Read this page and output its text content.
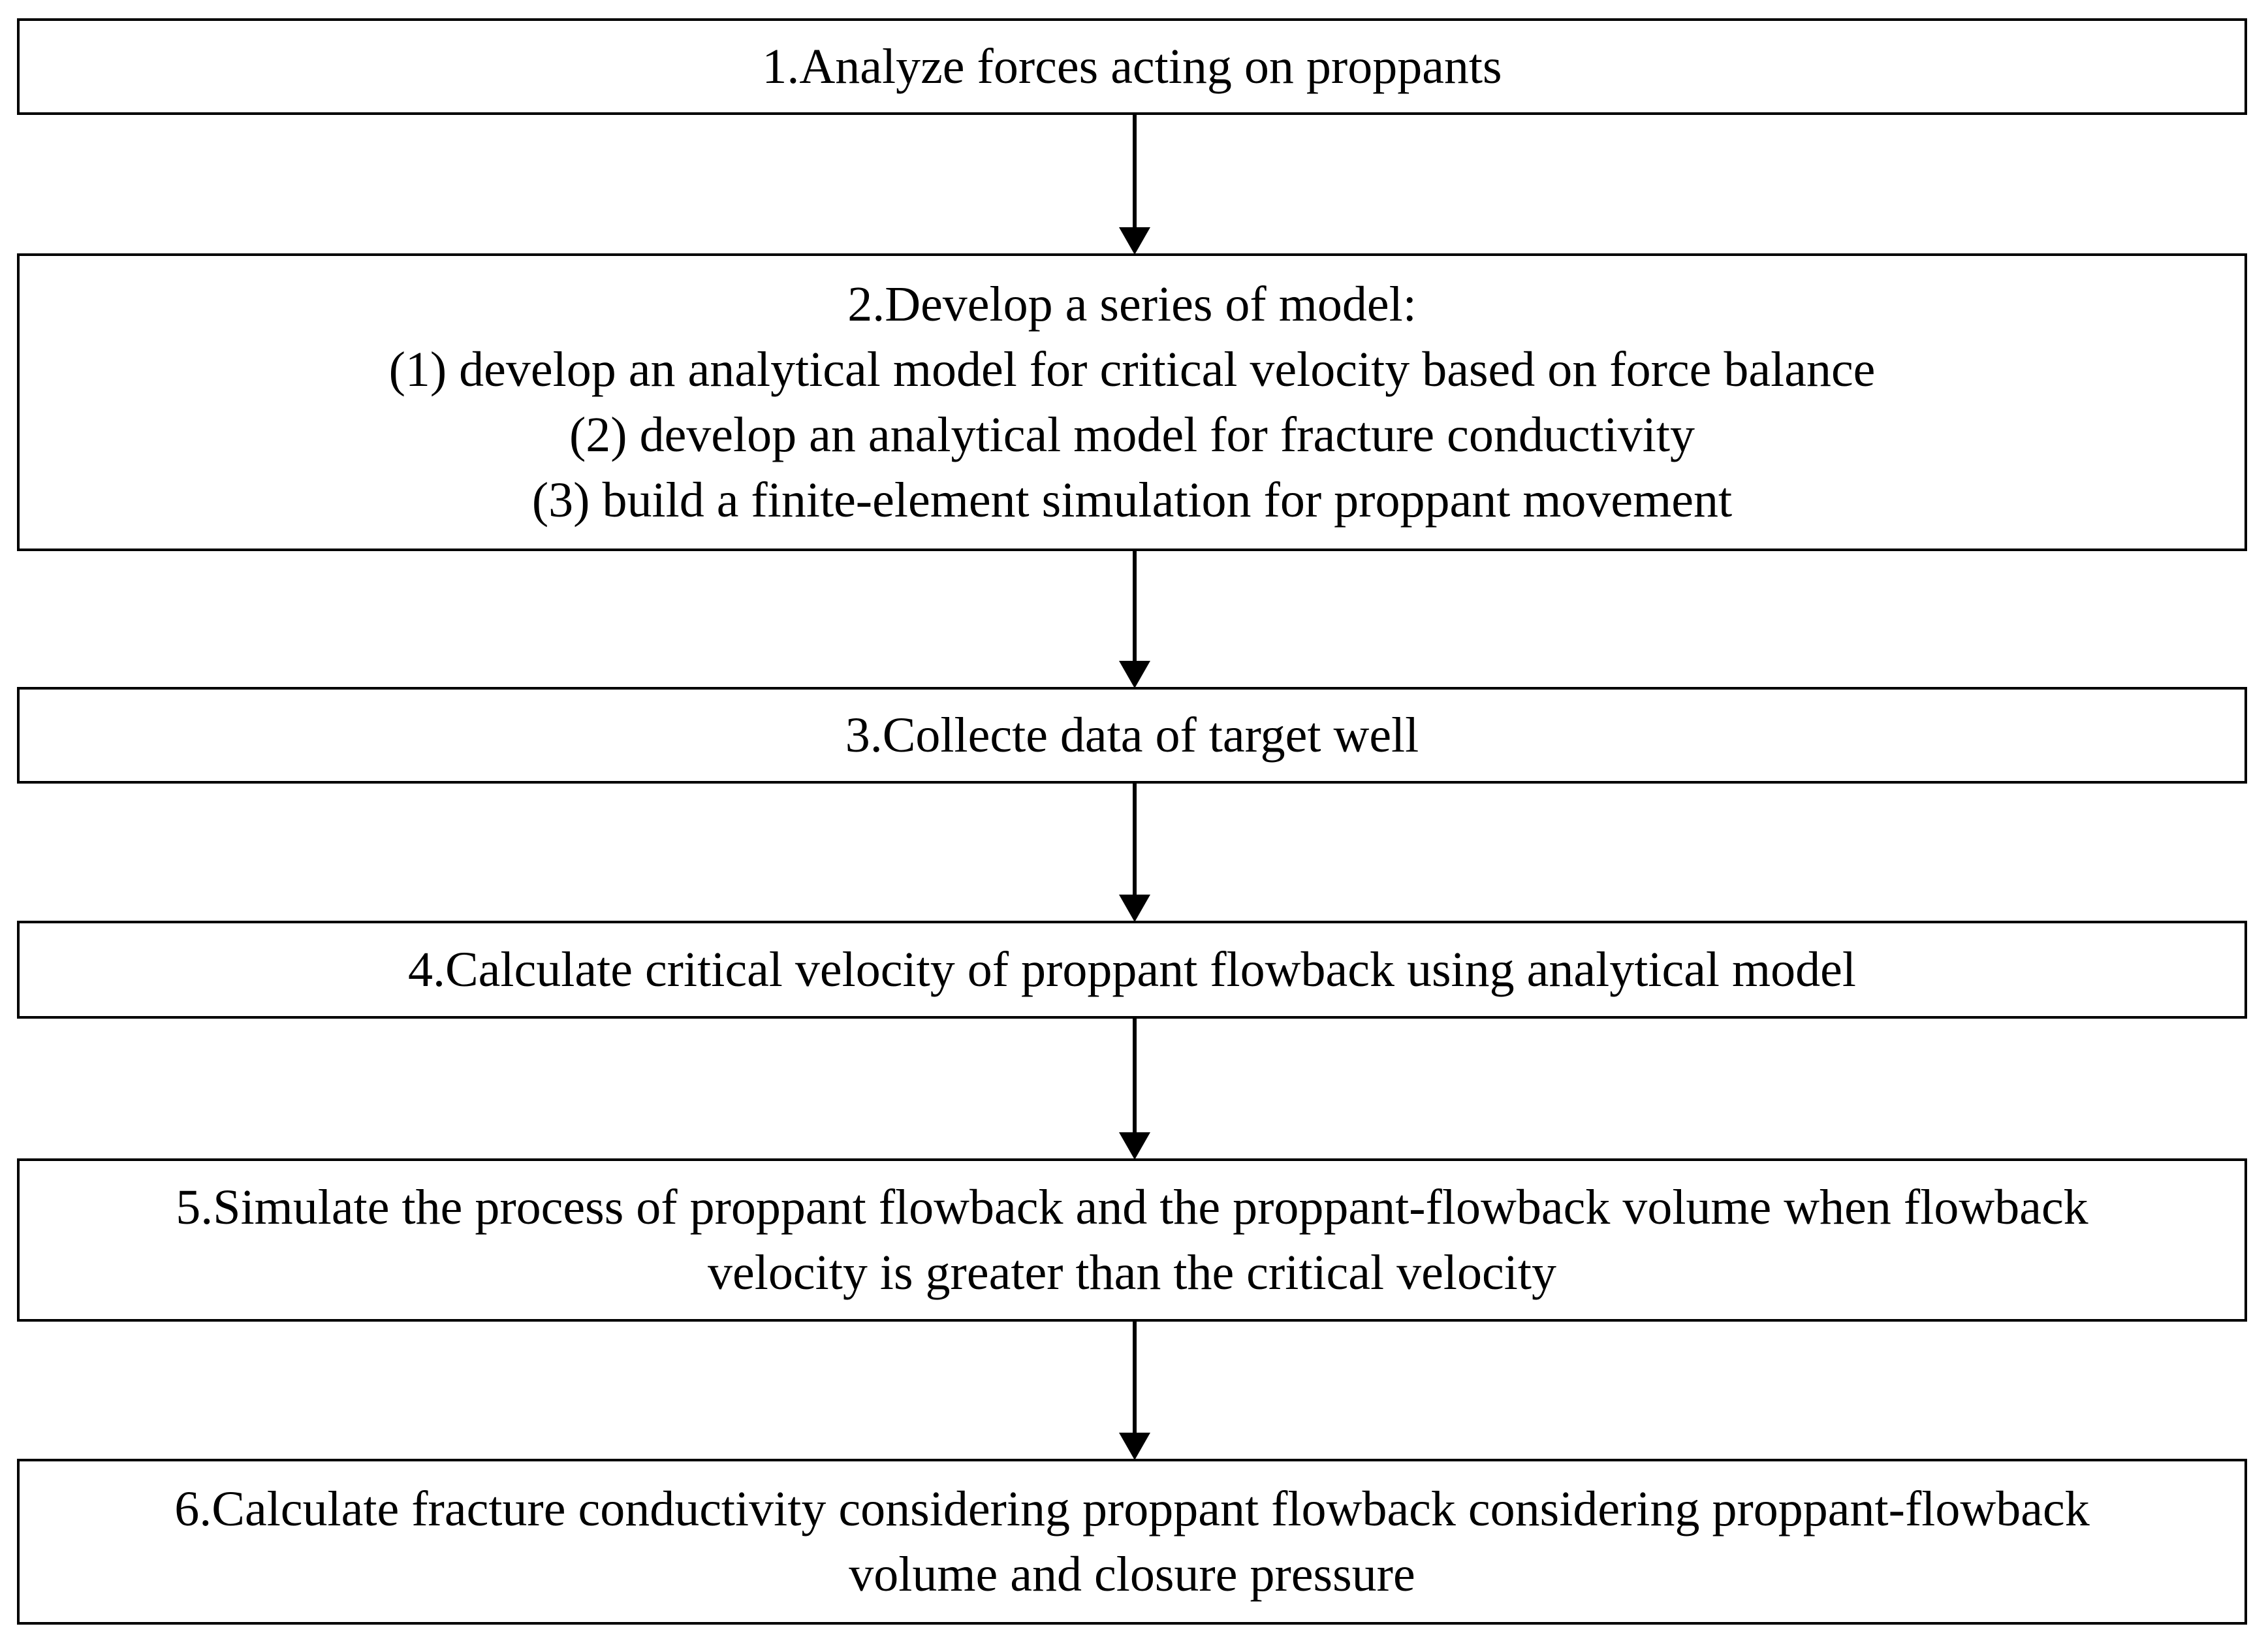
1.Analyze forces acting on proppants
2.Develop a series of model:
(1) develop an analytical model for critical velocity based on force balance
(2) develop an analytical model for fracture conductivity
(3) build a finite-element simulation for proppant movement
3.Collecte data of target well
4.Calculate critical velocity of proppant flowback using analytical model
5.Simulate the process of proppant flowback and the proppant-flowback volume when flowback
velocity is greater than the critical velocity
6.Calculate fracture conductivity considering proppant flowback considering proppant-flowback
volume and closure pressure
